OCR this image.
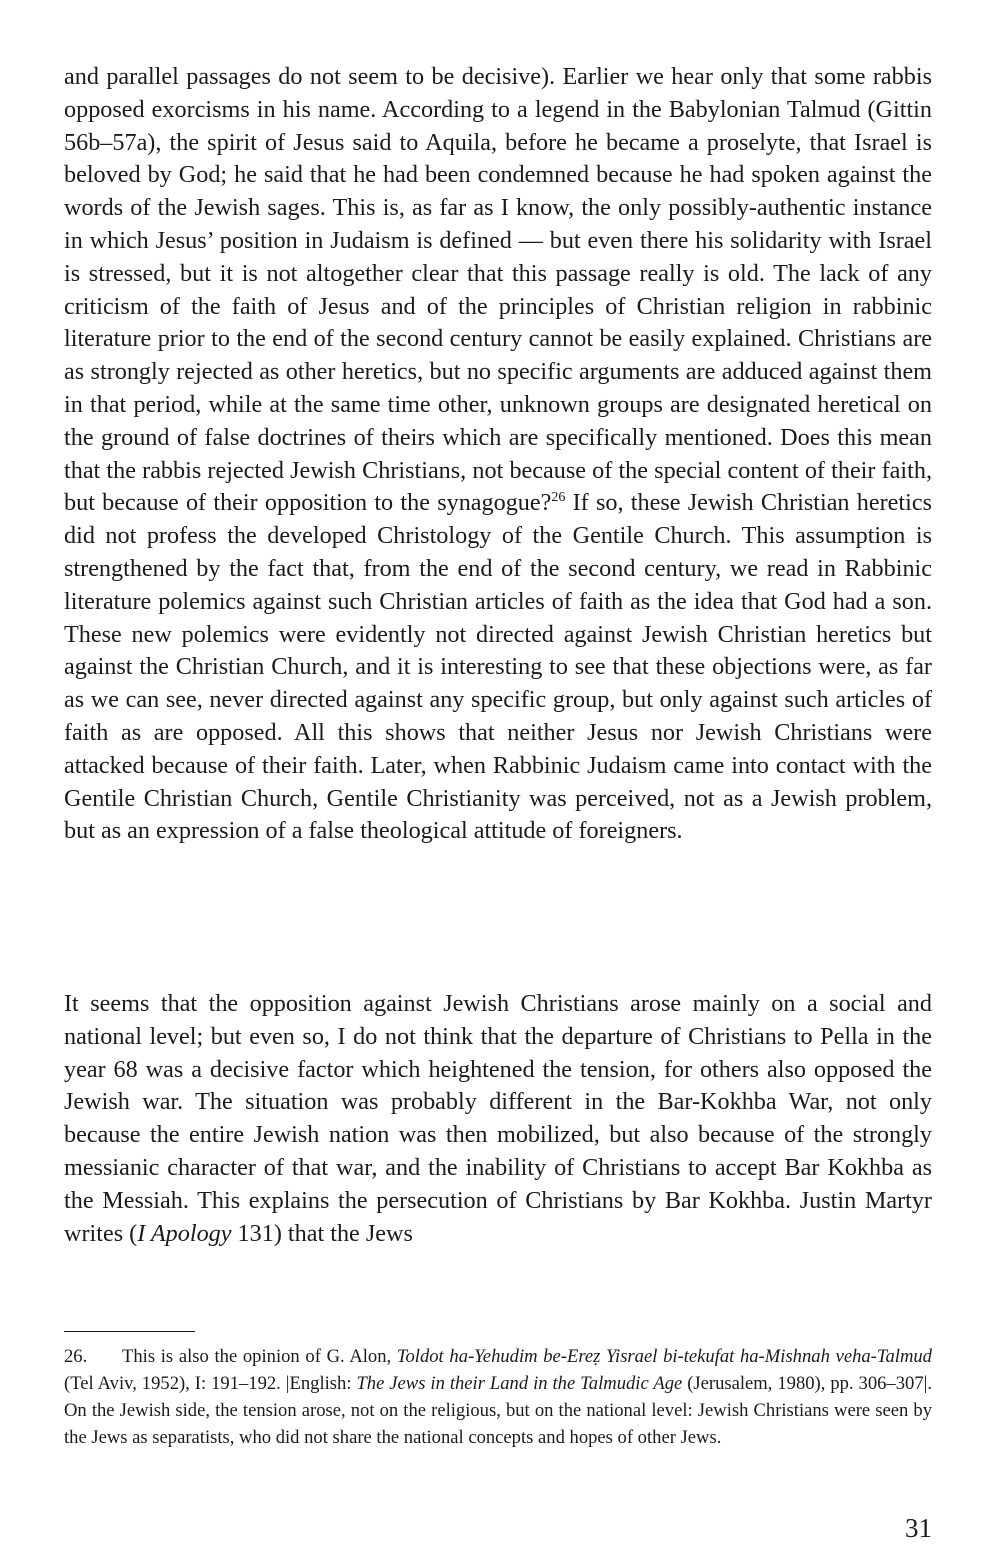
and parallel passages do not seem to be decisive). Earlier we hear only that some rabbis opposed exorcisms in his name. According to a legend in the Babylonian Talmud (Gittin 56b–57a), the spirit of Jesus said to Aquila, before he became a proselyte, that Israel is beloved by God; he said that he had been condemned because he had spoken against the words of the Jewish sages. This is, as far as I know, the only possibly-authentic instance in which Jesus’ position in Judaism is defined — but even there his solidarity with Israel is stressed, but it is not altogether clear that this passage really is old. The lack of any criticism of the faith of Jesus and of the principles of Christian religion in rabbinic literature prior to the end of the second century cannot be easily explained. Christians are as strongly rejected as other heretics, but no specific arguments are adduced against them in that period, while at the same time other, unknown groups are designated heretical on the ground of false doctrines of theirs which are specifically mentioned. Does this mean that the rabbis rejected Jewish Christians, not because of the special content of their faith, but because of their opposition to the synagogue?$^{26}$ If so, these Jewish Christian heretics did not profess the developed Christology of the Gentile Church. This assumption is strengthened by the fact that, from the end of the second century, we read in Rabbinic literature polemics against such Christian articles of faith as the idea that God had a son. These new polemics were evidently not directed against Jewish Christian heretics but against the Christian Church, and it is interesting to see that these objections were, as far as we can see, never directed against any specific group, but only against such articles of faith as are opposed. All this shows that neither Jesus nor Jewish Christians were attacked because of their faith. Later, when Rabbinic Judaism came into contact with the Gentile Christian Church, Gentile Christianity was perceived, not as a Jewish problem, but as an expression of a false theological attitude of foreigners.

It seems that the opposition against Jewish Christians arose mainly on a social and national level; but even so, I do not think that the departure of Christians to Pella in the year 68 was a decisive factor which heightened the tension, for others also opposed the Jewish war. The situation was probably different in the Bar-Kokhba War, not only because the entire Jewish nation was then mobilized, but also because of the strongly messianic character of that war, and the inability of Christians to accept Bar Kokhba as the Messiah. This explains the persecution of Christians by Bar Kokhba. Justin Martyr writes (I Apology 131) that the Jews

26. This is also the opinion of G. Alon, Toldot ha-Yehudim be-Ereẓ Yisrael bi-tekufat ha-Mishnah veha-Talmud (Tel Aviv, 1952), I: 191–192. |English: The Jews in their Land in the Talmudic Age (Jerusalem, 1980), pp. 306–307|. On the Jewish side, the tension arose, not on the religious, but on the national level: Jewish Christians were seen by the Jews as separatists, who did not share the national concepts and hopes of other Jews.

31
